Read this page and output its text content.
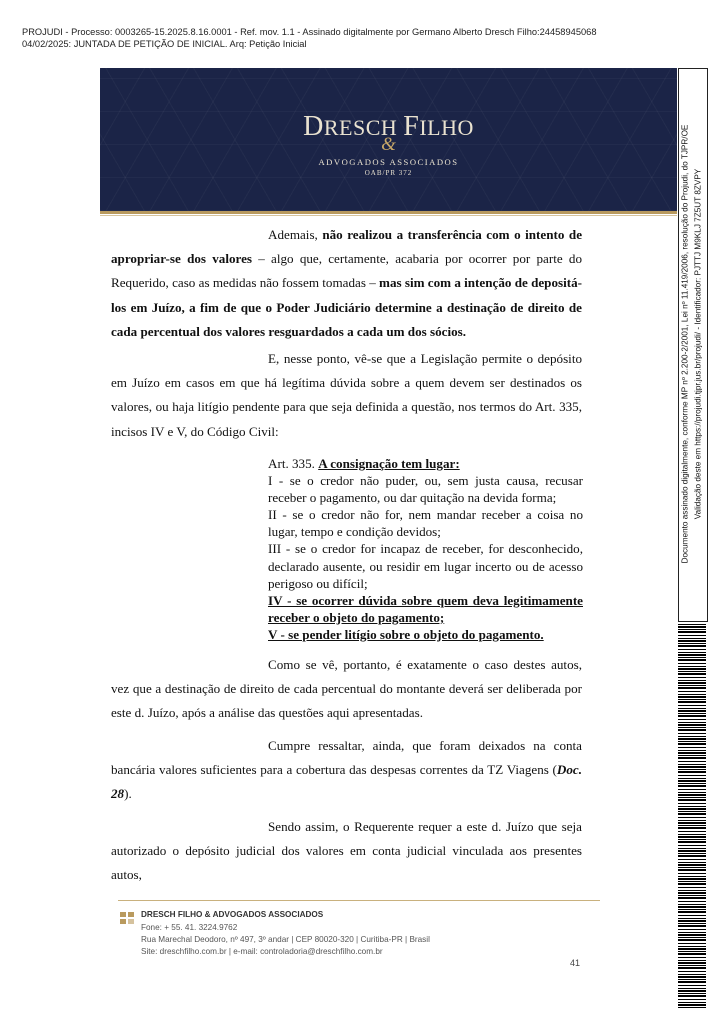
PROJUDI - Processo: 0003265-15.2025.8.16.0001 - Ref. mov. 1.1 - Assinado digitalmente por Germano Alberto Dresch Filho:24458945068
04/02/2025: JUNTADA DE PETIÇÃO DE INICIAL. Arq: Petição Inicial
DRESCH FILHO
&
ADVOGADOS ASSOCIADOS
OAB/PR 372
Ademais, não realizou a transferência com o intento de apropriar-se dos valores – algo que, certamente, acabaria por ocorrer por parte do Requerido, caso as medidas não fossem tomadas – mas sim com a intenção de depositá-los em Juízo, a fim de que o Poder Judiciário determine a destinação de direito de cada percentual dos valores resguardados a cada um dos sócios.
E, nesse ponto, vê-se que a Legislação permite o depósito em Juízo em casos em que há legítima dúvida sobre a quem devem ser destinados os valores, ou haja litígio pendente para que seja definida a questão, nos termos do Art. 335, incisos IV e V, do Código Civil:
Art. 335. A consignação tem lugar:
I - se o credor não puder, ou, sem justa causa, recusar receber o pagamento, ou dar quitação na devida forma;
II - se o credor não for, nem mandar receber a coisa no lugar, tempo e condição devidos;
III - se o credor for incapaz de receber, for desconhecido, declarado ausente, ou residir em lugar incerto ou de acesso perigoso ou difícil;
IV - se ocorrer dúvida sobre quem deva legitimamente receber o objeto do pagamento;
V - se pender litígio sobre o objeto do pagamento.
Como se vê, portanto, é exatamente o caso destes autos, vez que a destinação de direito de cada percentual do montante deverá ser deliberada por este d. Juízo, após a análise das questões aqui apresentadas.
Cumpre ressaltar, ainda, que foram deixados na conta bancária valores suficientes para a cobertura das despesas correntes da TZ Viagens (Doc. 28).
Sendo assim, o Requerente requer a este d. Juízo que seja autorizado o depósito judicial dos valores em conta judicial vinculada aos presentes autos,
DRESCH FILHO & ADVOGADOS ASSOCIADOS
Fone: + 55. 41. 3224.9762
Rua Marechal Deodoro, nº 497, 3º andar | CEP 80020-320 | Curitiba-PR | Brasil
Site: dreschfilho.com.br | e-mail: controladoria@dreschfilho.com.br
41
Documento assinado digitalmente, conforme MP nº 2.200-2/2001, Lei nº 11.419/2006, resolução do Projudi, do TJPR/OE Validação deste em https://projudi.tjpr.jus.br/projudi/ - Identificador: PJTTJ M9KLJ 7Z5UT 8ZVPY
